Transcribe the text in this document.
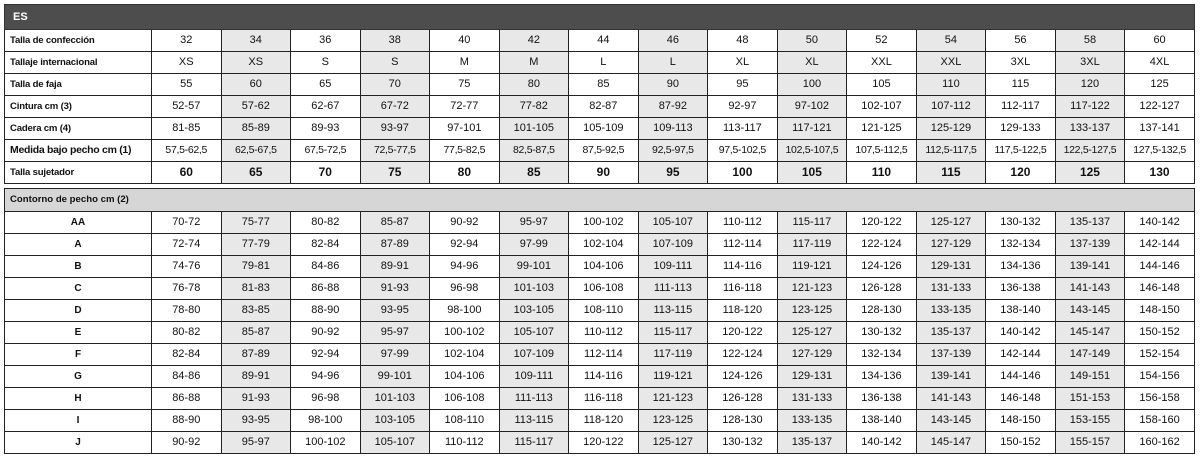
ES															
Talla de confección	32	34	36	38	40	42	44	46	48	50	52	54	56	58	60
Tallaje internacional	XS	XS	S	S	M	M	L	L	XL	XL	XXL	XXL	3XL	3XL	4XL
Talla de faja	55	60	65	70	75	80	85	90	95	100	105	110	115	120	125
Cintura cm (3)	52-57	57-62	62-67	67-72	72-77	77-82	82-87	87-92	92-97	97-102	102-107	107-112	112-117	117-122	122-127
Cadera cm (4)	81-85	85-89	89-93	93-97	97-101	101-105	105-109	109-113	113-117	117-121	121-125	125-129	129-133	133-137	137-141
Medida bajo pecho cm (1)	57,5-62,5	62,5-67,5	67,5-72,5	72,5-77,5	77,5-82,5	82,5-87,5	87,5-92,5	92,5-97,5	97,5-102,5	102,5-107,5	107,5-112,5	112,5-117,5	117,5-122,5	122,5-127,5	127,5-132,5
Talla sujetador	60	65	70	75	80	85	90	95	100	105	110	115	120	125	130

Contorno de pecho cm (2)															
AA	70-72	75-77	80-82	85-87	90-92	95-97	100-102	105-107	110-112	115-117	120-122	125-127	130-132	135-137	140-142
A	72-74	77-79	82-84	87-89	92-94	97-99	102-104	107-109	112-114	117-119	122-124	127-129	132-134	137-139	142-144
B	74-76	79-81	84-86	89-91	94-96	99-101	104-106	109-111	114-116	119-121	124-126	129-131	134-136	139-141	144-146
C	76-78	81-83	86-88	91-93	96-98	101-103	106-108	111-113	116-118	121-123	126-128	131-133	136-138	141-143	146-148
D	78-80	83-85	88-90	93-95	98-100	103-105	108-110	113-115	118-120	123-125	128-130	133-135	138-140	143-145	148-150
E	80-82	85-87	90-92	95-97	100-102	105-107	110-112	115-117	120-122	125-127	130-132	135-137	140-142	145-147	150-152
F	82-84	87-89	92-94	97-99	102-104	107-109	112-114	117-119	122-124	127-129	132-134	137-139	142-144	147-149	152-154
G	84-86	89-91	94-96	99-101	104-106	109-111	114-116	119-121	124-126	129-131	134-136	139-141	144-146	149-151	154-156
H	86-88	91-93	96-98	101-103	106-108	111-113	116-118	121-123	126-128	131-133	136-138	141-143	146-148	151-153	156-158
I	88-90	93-95	98-100	103-105	108-110	113-115	118-120	123-125	128-130	133-135	138-140	143-145	148-150	153-155	158-160
J	90-92	95-97	100-102	105-107	110-112	115-117	120-122	125-127	130-132	135-137	140-142	145-147	150-152	155-157	160-162
